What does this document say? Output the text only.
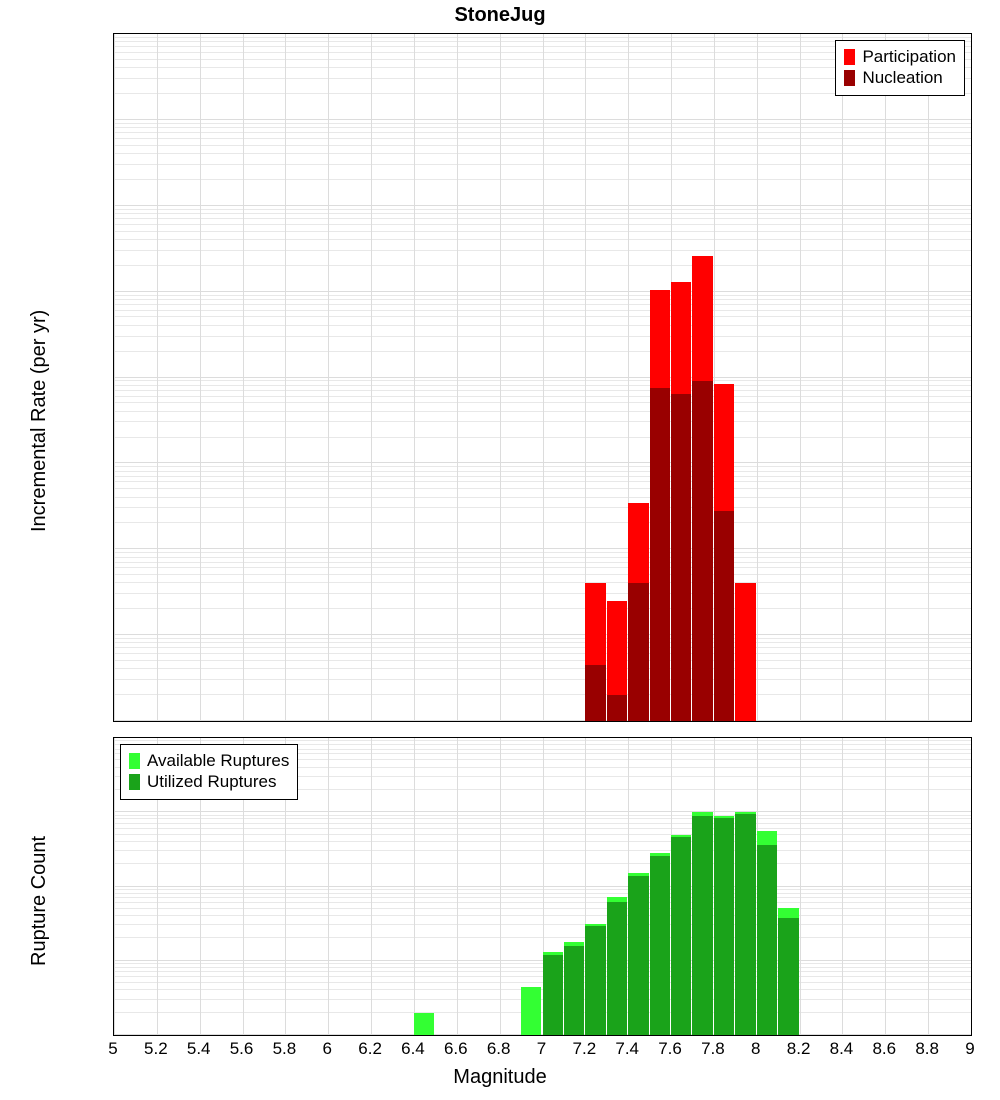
StoneJug
Participation
Nucleation
Available Ruptures
Utilized Ruptures
5 5.2 5.4 5.6 5.8 6 6.2 6.4 6.6 6.8 7 7.2 7.4 7.6 7.8 8 8.2 8.4 8.6 8.8 9
Incremental Rate (per yr)
Rupture Count
Magnitude
